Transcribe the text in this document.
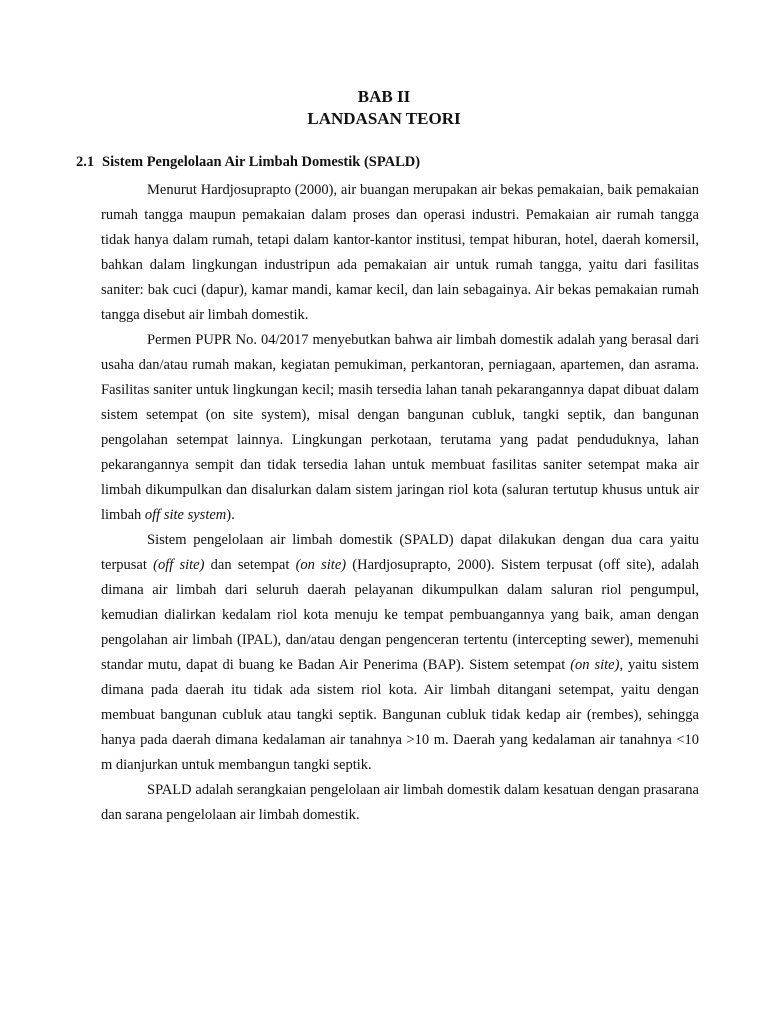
BAB II
LANDASAN TEORI
2.1 Sistem Pengelolaan Air Limbah Domestik (SPALD)

Menurut Hardjosuprapto (2000), air buangan merupakan air bekas pemakaian, baik pemakaian rumah tangga maupun pemakaian dalam proses dan operasi industri. Pemakaian air rumah tangga tidak hanya dalam rumah, tetapi dalam kantor-kantor institusi, tempat hiburan, hotel, daerah komersil, bahkan dalam lingkungan industripun ada pemakaian air untuk rumah tangga, yaitu dari fasilitas saniter: bak cuci (dapur), kamar mandi, kamar kecil, dan lain sebagainya. Air bekas pemakaian rumah tangga disebut air limbah domestik.

Permen PUPR No. 04/2017 menyebutkan bahwa air limbah domestik adalah yang berasal dari usaha dan/atau rumah makan, kegiatan pemukiman, perkantoran, perniagaan, apartemen, dan asrama. Fasilitas saniter untuk lingkungan kecil; masih tersedia lahan tanah pekarangannya dapat dibuat dalam sistem setempat (on site system), misal dengan bangunan cubluk, tangki septik, dan bangunan pengolahan setempat lainnya. Lingkungan perkotaan, terutama yang padat penduduknya, lahan pekarangannya sempit dan tidak tersedia lahan untuk membuat fasilitas saniter setempat maka air limbah dikumpulkan dan disalurkan dalam sistem jaringan riol kota (saluran tertutup khusus untuk air limbah off site system).

Sistem pengelolaan air limbah domestik (SPALD) dapat dilakukan dengan dua cara yaitu terpusat (off site) dan setempat (on site) (Hardjosuprapto, 2000). Sistem terpusat (off site), adalah dimana air limbah dari seluruh daerah pelayanan dikumpulkan dalam saluran riol pengumpul, kemudian dialirkan kedalam riol kota menuju ke tempat pembuangannya yang baik, aman dengan pengolahan air limbah (IPAL), dan/atau dengan pengenceran tertentu (intercepting sewer), memenuhi standar mutu, dapat di buang ke Badan Air Penerima (BAP). Sistem setempat (on site), yaitu sistem dimana pada daerah itu tidak ada sistem riol kota. Air limbah ditangani setempat, yaitu dengan membuat bangunan cubluk atau tangki septik. Bangunan cubluk tidak kedap air (rembes), sehingga hanya pada daerah dimana kedalaman air tanahnya >10 m. Daerah yang kedalaman air tanahnya <10 m dianjurkan untuk membangun tangki septik.

SPALD adalah serangkaian pengelolaan air limbah domestik dalam kesatuan dengan prasarana dan sarana pengelolaan air limbah domestik.
